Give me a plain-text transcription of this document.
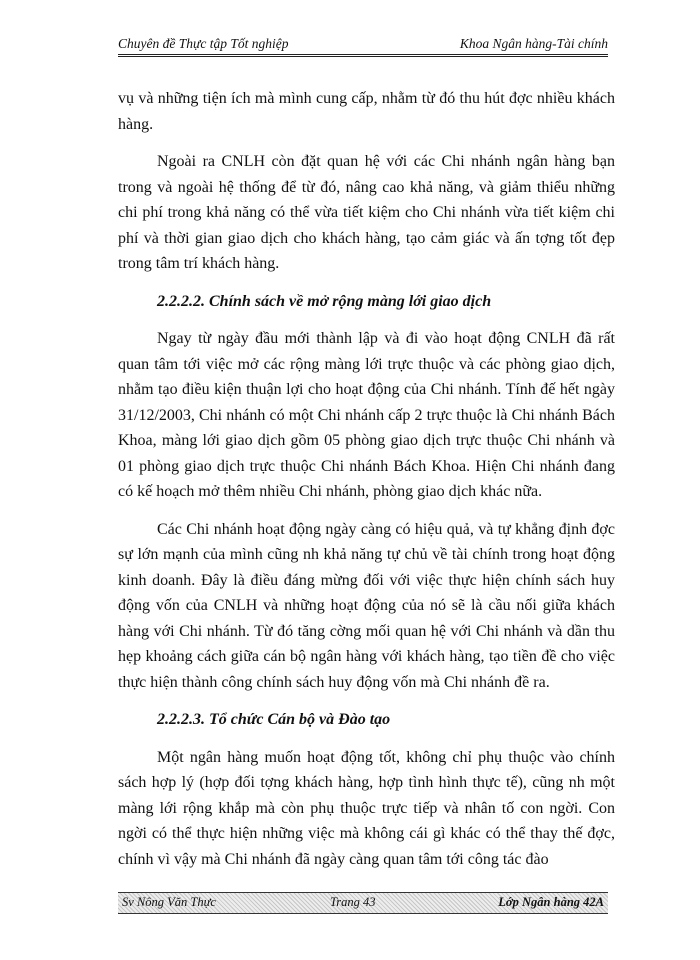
Chuyên đề Thực tập Tốt nghiệp	Khoa Ngân hàng-Tài chính

vụ và những tiện ích mà mình cung cấp, nhằm từ đó thu hút đợc nhiều khách hàng.

Ngoài ra CNLH còn đặt quan hệ với các Chi nhánh ngân hàng bạn trong và ngoài hệ thống để từ đó, nâng cao khả năng, và giảm thiểu những chi phí trong khả năng có thể vừa tiết kiệm cho Chi nhánh vừa tiết kiệm chi phí và thời gian giao dịch cho khách hàng, tạo cảm giác và ấn tợng tốt đẹp trong tâm trí khách hàng.

2.2.2.2. Chính sách về mở rộng màng lới giao dịch

Ngay từ ngày đầu mới thành lập và đi vào hoạt động CNLH đã rất quan tâm tới việc mở các rộng màng lới trực thuộc và các phòng giao dịch, nhằm tạo điều kiện thuận lợi cho hoạt động của Chi nhánh. Tính đế hết ngày 31/12/2003, Chi nhánh có một Chi nhánh cấp 2 trực thuộc là Chi nhánh Bách Khoa, màng lới giao dịch gồm 05 phòng giao dịch trực thuộc Chi nhánh và 01 phòng giao dịch trực thuộc Chi nhánh Bách Khoa. Hiện Chi nhánh đang có kế hoạch mở thêm nhiều Chi nhánh, phòng giao dịch khác nữa.

Các Chi nhánh hoạt động ngày càng có hiệu quả, và tự khẳng định đợc sự lớn mạnh của mình cũng nh khả năng tự chủ về tài chính trong hoạt động kinh doanh. Đây là điều đáng mừng đối với việc thực hiện chính sách huy động vốn của CNLH và những hoạt động của nó sẽ là cầu nối giữa khách hàng với Chi nhánh. Từ đó tăng cờng mối quan hệ với Chi nhánh và dần thu hẹp khoảng cách giữa cán bộ ngân hàng với khách hàng, tạo tiền đề cho việc thực hiện thành công chính sách huy động vốn mà Chi nhánh đề ra.

2.2.2.3. Tổ chức Cán bộ và Đào tạo

Một ngân hàng muốn hoạt động tốt, không chỉ phụ thuộc vào chính sách hợp lý (hợp đối tợng khách hàng, hợp tình hình thực tế), cũng nh một màng lới rộng khắp mà còn phụ thuộc trực tiếp và nhân tố con ngời. Con ngời có thể thực hiện những việc mà không cái gì khác có thể thay thế đợc, chính vì vậy mà Chi nhánh đã ngày càng quan tâm tới công tác đào

Sv Nông Văn Thực	Trang 43	Lớp Ngân hàng 42A
